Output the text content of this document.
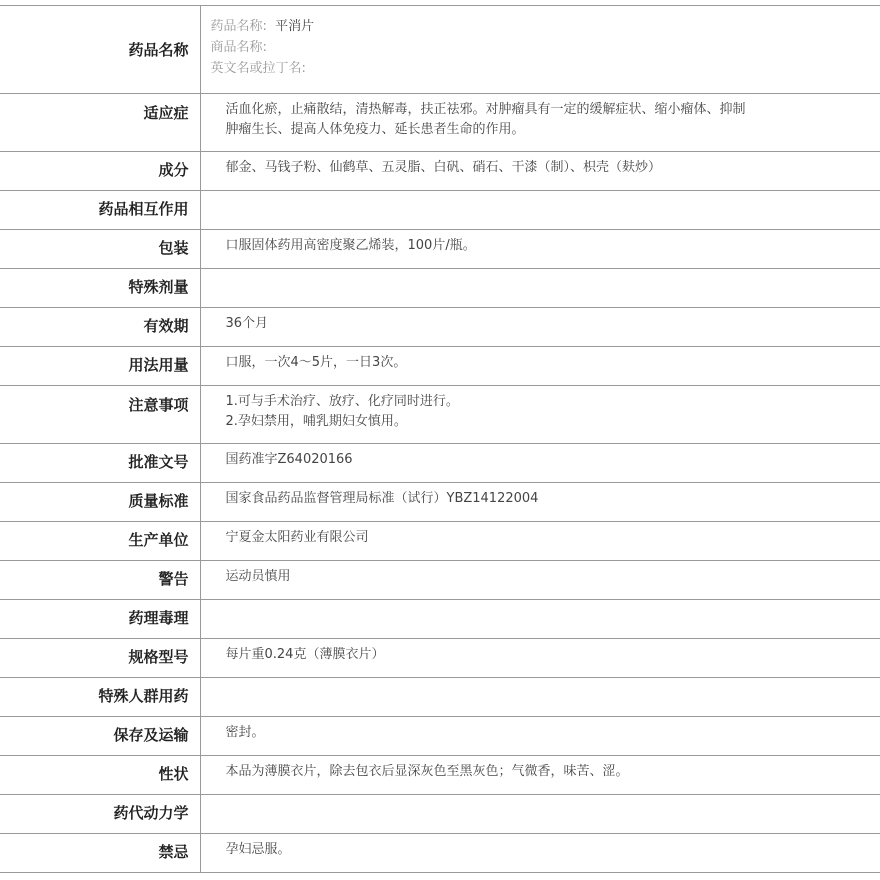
药品名称	药品名称: 平消片
商品名称:
英文名或拉丁名:

适应症	活血化瘀，止痛散结，清热解毒，扶正祛邪。对肿瘤具有一定的缓解症状、缩小瘤体、抑制
肿瘤生长、提高人体免疫力、延长患者生命的作用。

成分	郁金、马钱子粉、仙鹤草、五灵脂、白矾、硝石、干漆（制）、枳壳（麸炒）

药品相互作用	

包装	口服固体药用高密度聚乙烯装，100片/瓶。

特殊剂量	

有效期	36个月

用法用量	口服，一次4～5片，一日3次。

注意事项	1.可与手术治疗、放疗、化疗同时进行。
2.孕妇禁用，哺乳期妇女慎用。

批准文号	国药准字Z64020166

质量标准	国家食品药品监督管理局标准（试行）YBZ14122004

生产单位	宁夏金太阳药业有限公司

警告	运动员慎用

药理毒理	

规格型号	每片重0.24克（薄膜衣片）

特殊人群用药	

保存及运输	密封。

性状	本品为薄膜衣片，除去包衣后显深灰色至黑灰色；气微香，味苦、涩。

药代动力学	

禁忌	孕妇忌服。
